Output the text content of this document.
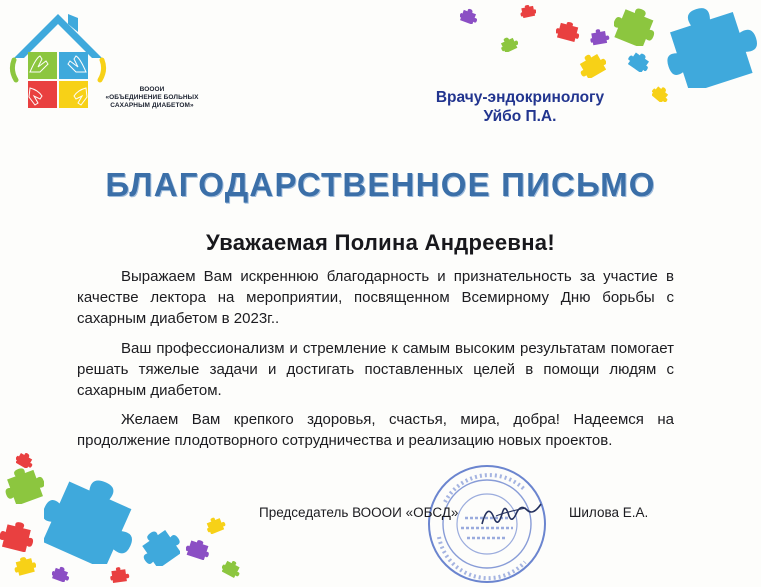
ВОООИ
«ОБЪЕДИНЕНИЕ БОЛЬНЫХ
САХАРНЫМ ДИАБЕТОМ»	Врачу-эндокринологу
Уйбо П.А.
БЛАГОДАРСТВЕННОЕ ПИСЬМО
Уважаемая Полина Андреевна!
Выражаем Вам искреннюю благодарность и признательность за участие в качестве лектора на мероприятии, посвященном Всемирному Дню борьбы с сахарным диабетом в 2023г..
Ваш профессионализм и стремление к самым высоким результатам помогает решать тяжелые задачи и достигать поставленных целей в помощи людям с сахарным диабетом.
Желаем Вам крепкого здоровья, счастья, мира, добра! Надеемся на продолжение плодотворного сотрудничества и реализацию новых проектов.
Председатель ВОООИ «ОБСД»	Шилова Е.А.
